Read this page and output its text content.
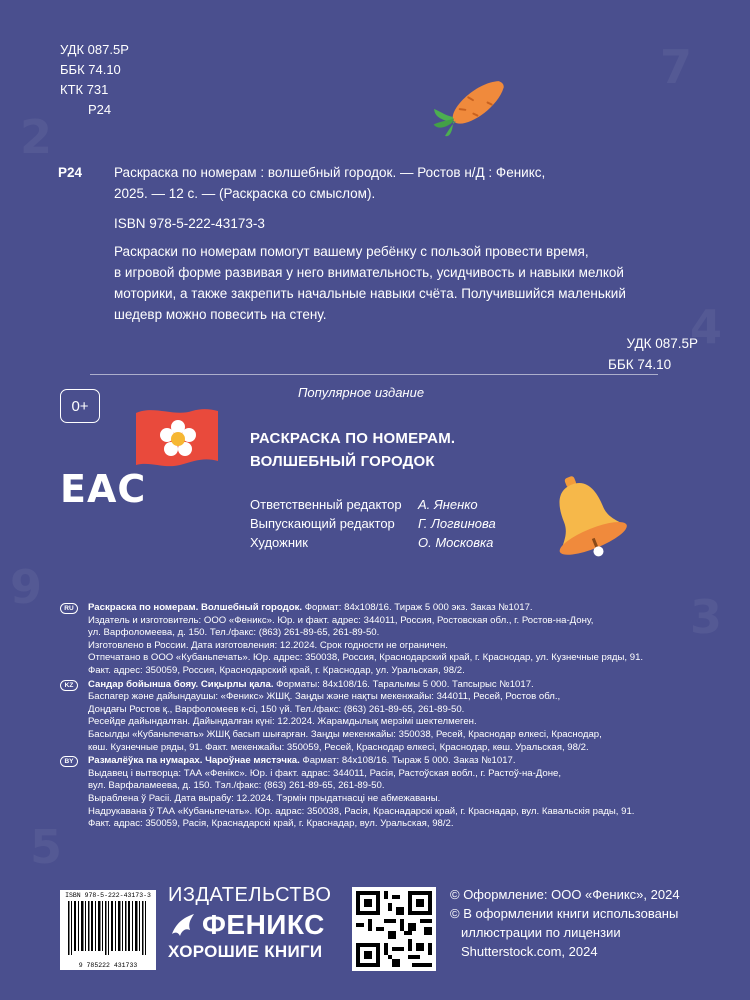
2
7
4
9
3
5
УДК 087.5Р
ББК 74.10
КТК 731
Р24
Р24 Раскраска по номерам : волшебный городок. — Ростов н/Д : Феникс,
2025. — 12 с. — (Раскраска со смыслом).
ISBN 978-5-222-43173-3
Раскраски по номерам помогут вашему ребёнку с пользой провести время,
в игровой форме развивая у него внимательность, усидчивость и навыки мелкой
моторики, а также закрепить начальные навыки счёта. Получившийся маленький
шедевр можно повесить на стену.
УДК 087.5Р
ББК 74.10
Популярное издание
0+
РАСКРАСКА ПО НОМЕРАМ.
ВОЛШЕБНЫЙ ГОРОДОК
EAC	Ответственный редактор	А. Яненко
Выпускающий редактор	Г. Логвинова
Художник	О. Московка
RU	Раскраска по номерам. Волшебный городок. Формат: 84х108/16. Тираж 5 000 экз. Заказ №1017.
Издатель и изготовитель: ООО «Феникс». Юр. и факт. адрес: 344011, Россия, Ростовская обл., г. Ростов-на-Дону,
ул. Варфоломеева, д. 150. Тел./факс: (863) 261-89-65, 261-89-50.
Изготовлено в России. Дата изготовления: 12.2024. Срок годности не ограничен.
Отпечатано в ООО «Кубаньпечать». Юр. адрес: 350038, Россия, Краснодарский край, г. Краснодар, ул. Кузнечные ряды, 91.
Факт. адрес: 350059, Россия, Краснодарский край, г. Краснодар, ул. Уральская, 98/2.
KZ	Сандар бойынша бояу. Сиқырлы қала. Форматы: 84х108/16. Таралымы 5 000. Тапсырыс №1017.
Баспагер және дайындаушы: «Феникс» ЖШҚ. Заңды және нақты мекенжайы: 344011, Ресей, Ростов обл.,
Доңдағы Ростов қ., Варфоломеев к-сі, 150 үй. Тел./факс: (863) 261-89-65, 261-89-50.
Ресейде дайындалған. Дайындалған күні: 12.2024. Жарамдылық мерзімі шектелмеген.
Басылды «Кубаньпечать» ЖШҚ басып шығарған. Заңды мекенжайы: 350038, Ресей, Краснодар өлкесі, Краснодар,
көш. Кузнечные ряды, 91. Факт. мекенжайы: 350059, Ресей, Краснодар өлкесі, Краснодар, көш. Уральская, 98/2.
BY	Размалёўка па нумарах. Чароўнае мястэчка. Фармат: 84х108/16. Тыраж 5 000. Заказ №1017.
Выдавец і вытворца: ТАА «Фенікс». Юр. і факт. адрас: 344011, Расія, Растоўская вобл., г. Растоў-на-Доне,
вул. Варфаламеева, д. 150. Тэл./факс: (863) 261-89-65, 261-89-50.
Выраблена ў Расіі. Дата вырабу: 12.2024. Тэрмін прыдатнасці не абмежаваны.
Надрукавана ў ТАА «Кубаньпечать». Юр. адрас: 350038, Расія, Краснадарскі край, г. Краснадар, вул. Кавальскія рады, 91.
Факт. адрас: 350059, Расія, Краснадарскі край, г. Краснадар, вул. Уральская, 98/2.
ISBN 978-5-222-43173-3
9 785222 431733
ИЗДАТЕЛЬСТВО
ФЕНИКС
ХОРОШИЕ КНИГИ
© Оформление: ООО «Феникс», 2024
© В оформлении книги использованы
иллюстрации по лицензии
Shutterstock.com, 2024
